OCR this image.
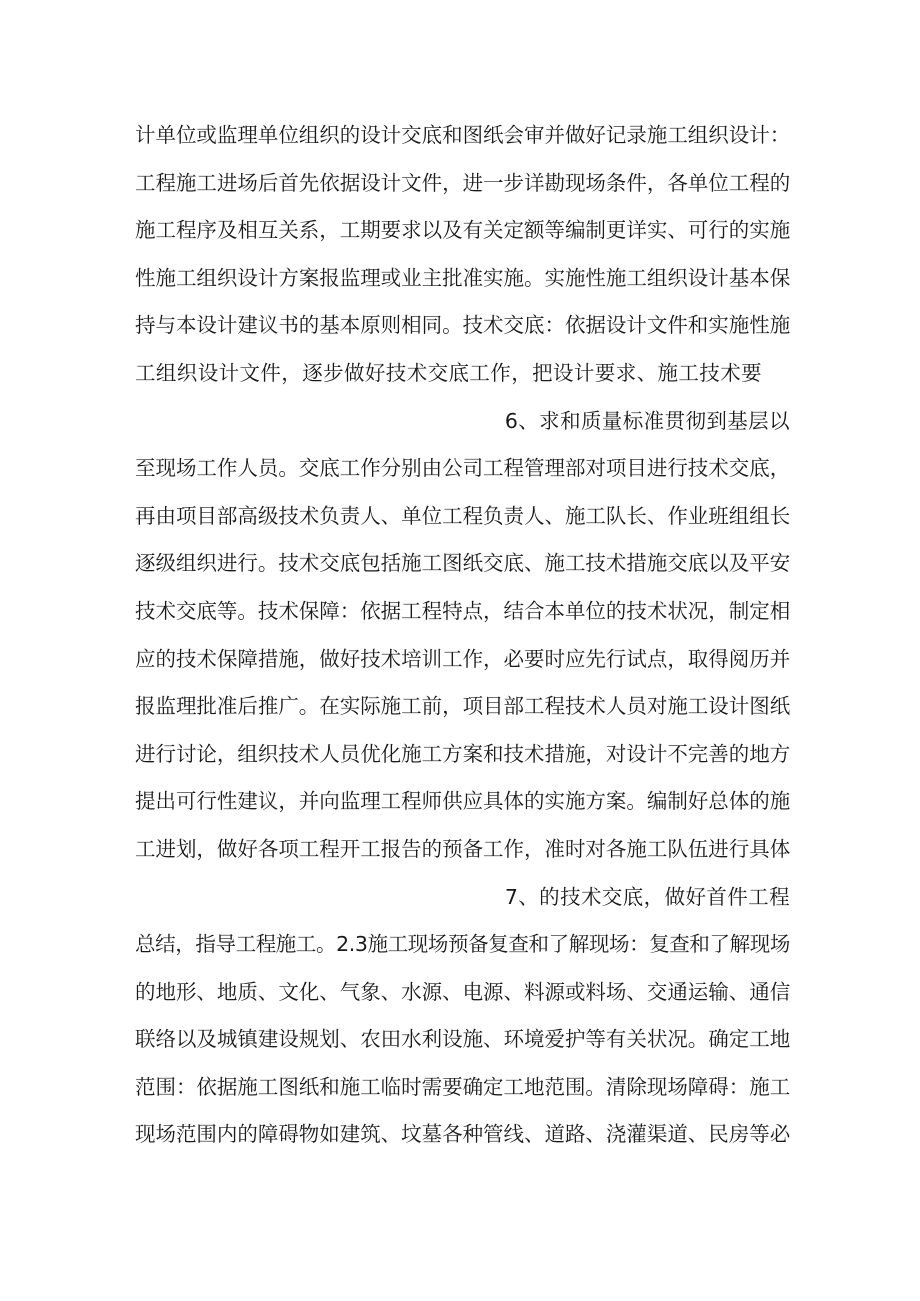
计单位或监理单位组织的设计交底和图纸会审并做好记录施工组织设计：
工程施工进场后首先依据设计文件，进一步详勘现场条件，各单位工程的
施工程序及相互关系，工期要求以及有关定额等编制更详实、可行的实施
性施工组织设计方案报监理或业主批准实施。实施性施工组织设计基本保
持与本设计建议书的基本原则相同。技术交底：依据设计文件和实施性施
工组织设计文件，逐步做好技术交底工作，把设计要求、施工技术要
6、求和质量标准贯彻到基层以
至现场工作人员。交底工作分别由公司工程管理部对项目进行技术交底，
再由项目部高级技术负责人、单位工程负责人、施工队长、作业班组组长
逐级组织进行。技术交底包括施工图纸交底、施工技术措施交底以及平安
技术交底等。技术保障：依据工程特点，结合本单位的技术状况，制定相
应的技术保障措施，做好技术培训工作，必要时应先行试点，取得阅历并
报监理批准后推广。在实际施工前，项目部工程技术人员对施工设计图纸
进行讨论，组织技术人员优化施工方案和技术措施，对设计不完善的地方
提出可行性建议，并向监理工程师供应具体的实施方案。编制好总体的施
工进划，做好各项工程开工报告的预备工作，准时对各施工队伍进行具体
7、的技术交底，做好首件工程
总结，指导工程施工。2.3施工现场预备复查和了解现场：复查和了解现场
的地形、地质、文化、气象、水源、电源、料源或料场、交通运输、通信
联络以及城镇建设规划、农田水利设施、环境爱护等有关状况。确定工地
范围：依据施工图纸和施工临时需要确定工地范围。清除现场障碍：施工
现场范围内的障碍物如建筑、坟墓各种管线、道路、浇灌渠道、民房等必
